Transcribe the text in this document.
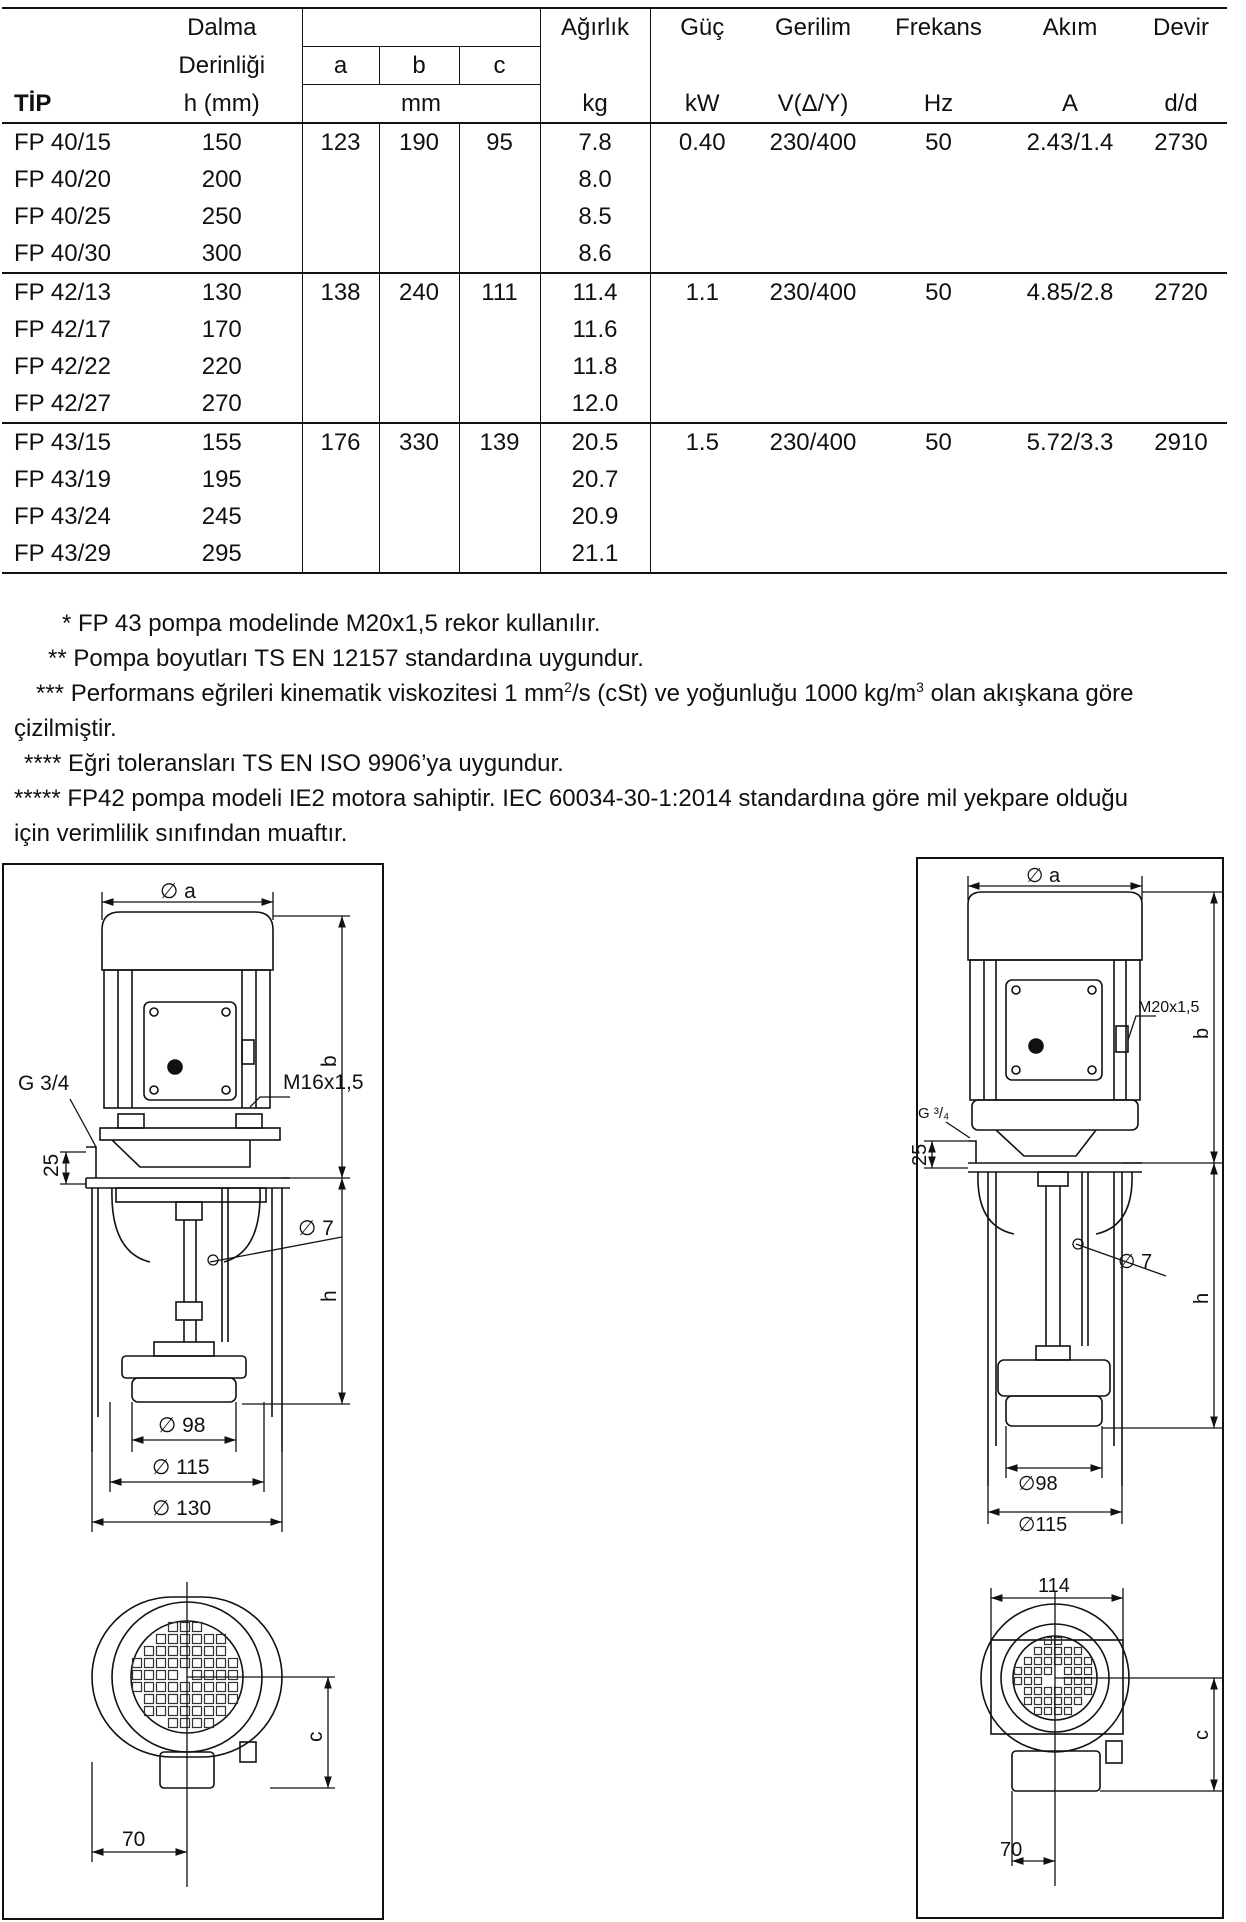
	Dalma				Ağırlık	Güç	Gerilim	Frekans	Akım	Devir
	Derinliği	a	b	c						
TİP	h (mm)	mm			kg	kW	V(Δ/Y)	Hz	A	d/d
FP 40/15	150	123	190	95	7.8	0.40	230/400	50	2.43/1.4	2730
FP 40/20	200				8.0					
FP 40/25	250				8.5					
FP 40/30	300				8.6					
FP 42/13	130	138	240	111	11.4	1.1	230/400	50	4.85/2.8	2720
FP 42/17	170				11.6					
FP 42/22	220				11.8					
FP 42/27	270				12.0					
FP 43/15	155	176	330	139	20.5	1.5	230/400	50	5.72/3.3	2910
FP 43/19	195				20.7					
FP 43/24	245				20.9					
FP 43/29	295				21.1					

* FP 43 pompa modelinde M20x1,5 rekor kullanılır.

** Pompa boyutları TS EN 12157 standardına uygundur.

*** Performans eğrileri kinematik viskozitesi 1 $mm^2/s$ (cSt) ve yoğunluğu 1000 $kg/m^3$ olan akışkana göre

çizilmiştir.

**** Eğri toleransları TS EN ISO 9906’ya uygundur.

***** FP42 pompa modeli IE2 motora sahiptir. IEC 60034-30-1:2014 standardına göre mil yekpare olduğu

için verimlilik sınıfından muaftır.

∅ a
M16x1,5
G 3/4
25
∅ 7
b
h
∅ 98
∅ 115
∅ 130
c
70
∅ a
M20x1,5
G ³/₄
25
∅ 7
b
h
∅98
∅115
114
c
70
